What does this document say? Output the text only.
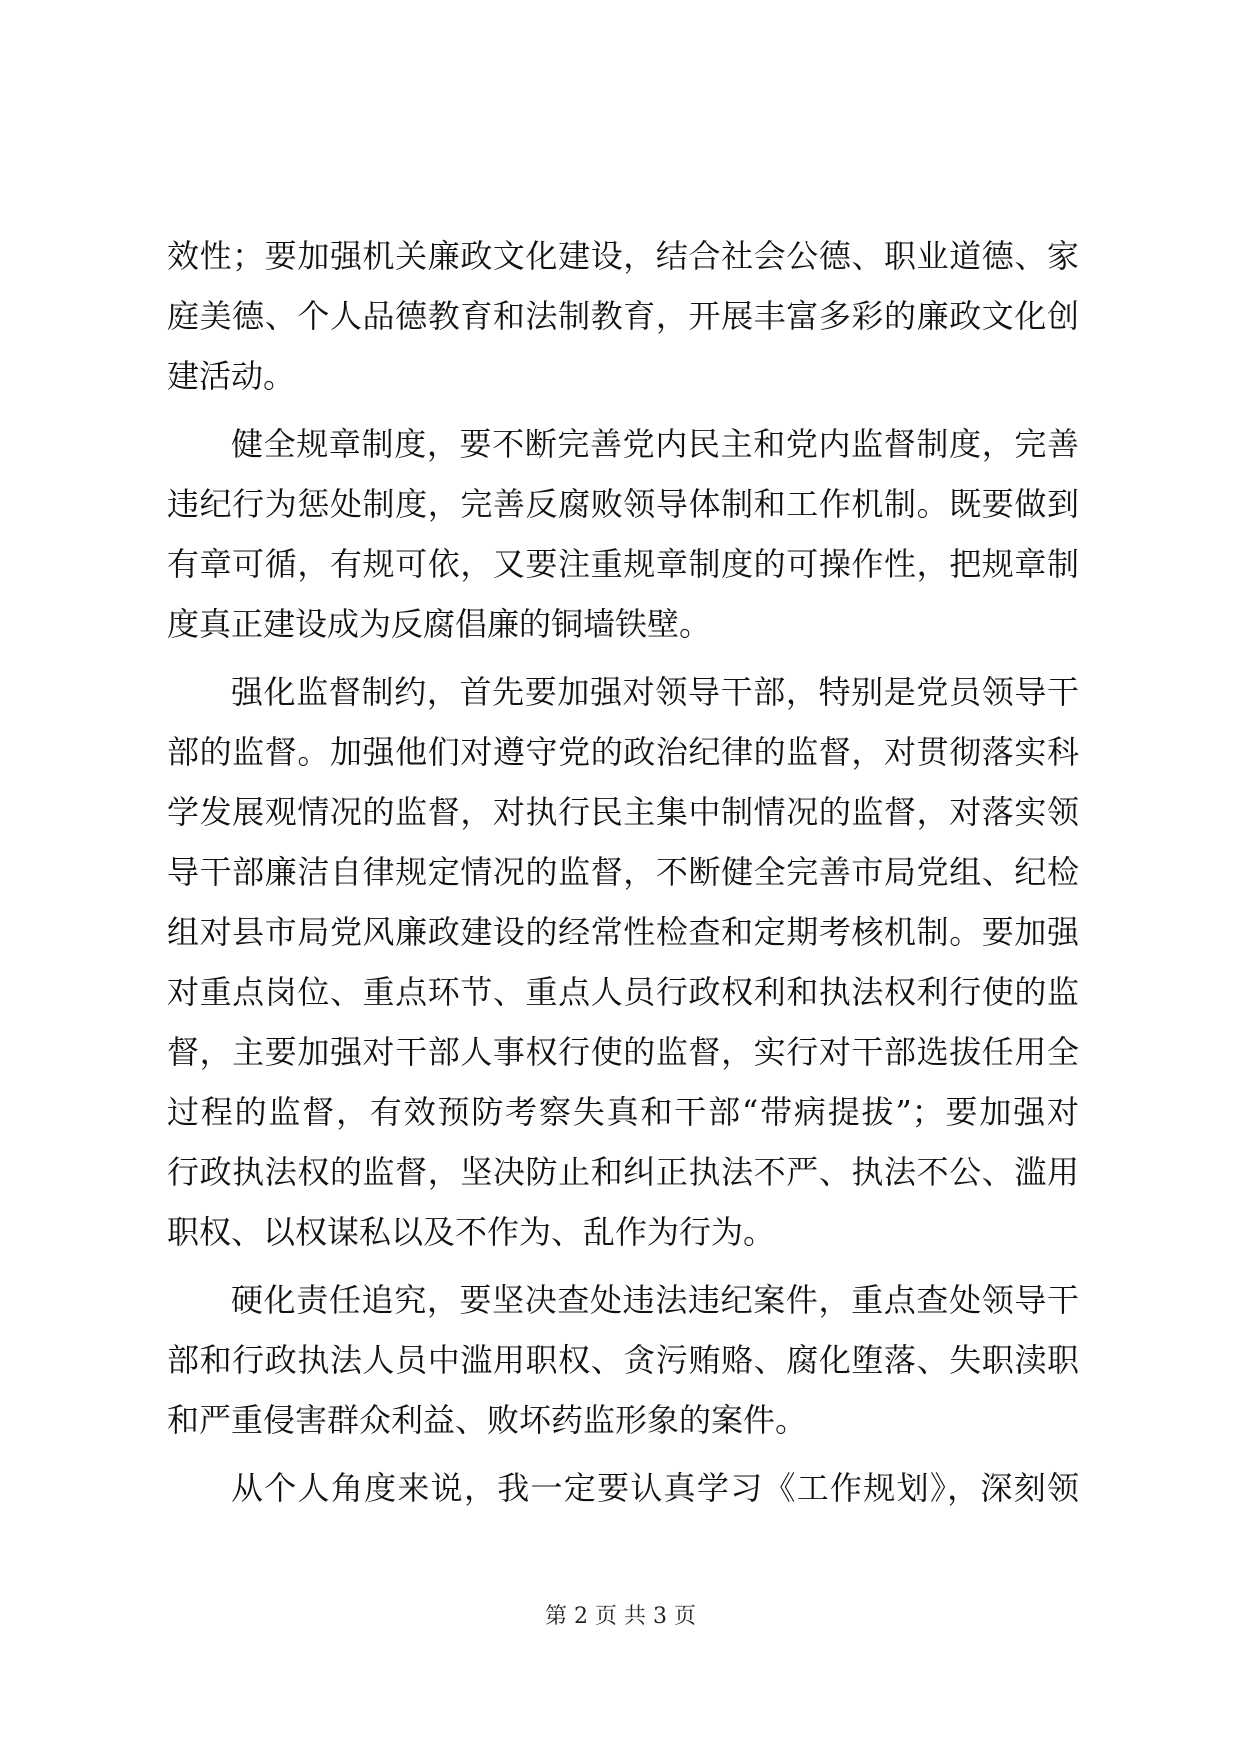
效性；要加强机关廉政文化建设，结合社会公德、职业道德、家
庭美德、个人品德教育和法制教育，开展丰富多彩的廉政文化创
建活动。
健全规章制度，要不断完善党内民主和党内监督制度，完善
违纪行为惩处制度，完善反腐败领导体制和工作机制。既要做到
有章可循，有规可依，又要注重规章制度的可操作性，把规章制
度真正建设成为反腐倡廉的铜墙铁壁。
强化监督制约，首先要加强对领导干部，特别是党员领导干
部的监督。加强他们对遵守党的政治纪律的监督，对贯彻落实科
学发展观情况的监督，对执行民主集中制情况的监督，对落实领
导干部廉洁自律规定情况的监督，不断健全完善市局党组、纪检
组对县市局党风廉政建设的经常性检查和定期考核机制。要加强
对重点岗位、重点环节、重点人员行政权利和执法权利行使的监
督，主要加强对干部人事权行使的监督，实行对干部选拔任用全
过程的监督，有效预防考察失真和干部“带病提拔”；要加强对
行政执法权的监督，坚决防止和纠正执法不严、执法不公、滥用
职权、以权谋私以及不作为、乱作为行为。
硬化责任追究，要坚决查处违法违纪案件，重点查处领导干
部和行政执法人员中滥用职权、贪污贿赂、腐化堕落、失职渎职
和严重侵害群众利益、败坏药监形象的案件。
从个人角度来说，我一定要认真学习《工作规划》，深刻领
第 2 页 共 3 页
